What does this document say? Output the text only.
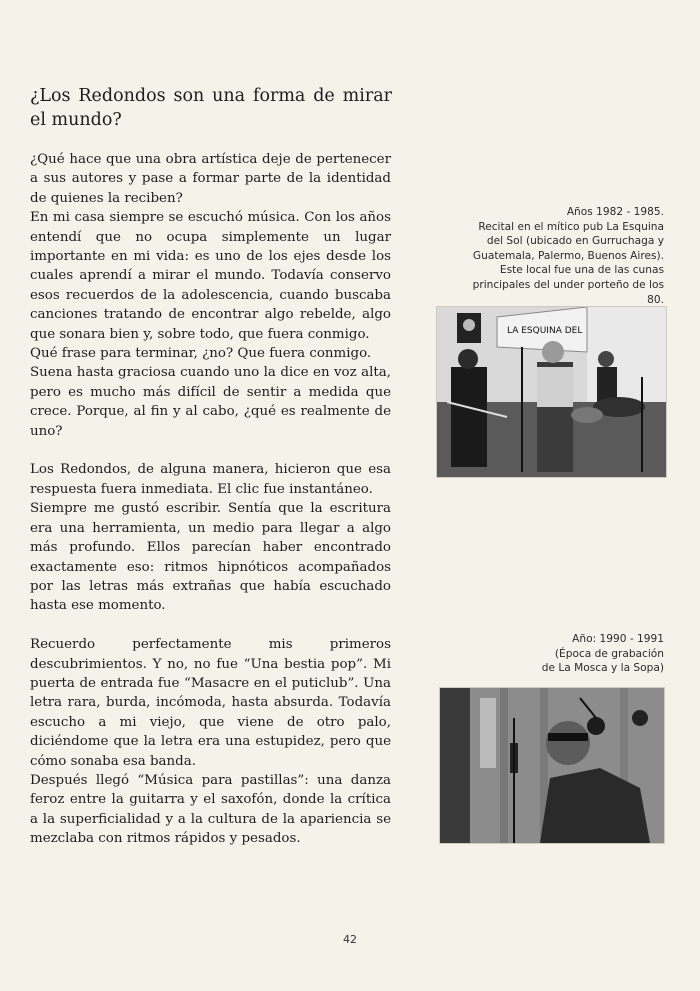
¿Los Redondos son una forma de mirar el mundo?

¿Qué hace que una obra artística deje de pertenecer a sus autores y pase a formar parte de la identidad de quienes la reciben?

En mi casa siempre se escuchó música. Con los años entendí que no ocupa simplemente un lugar importante en mi vida: es uno de los ejes desde los cuales aprendí a mirar el mundo. Todavía conservo esos recuerdos de la adolescencia, cuando buscaba canciones tratando de encontrar algo rebelde, algo que sonara bien y, sobre todo, que fuera conmigo.

Qué frase para terminar, ¿no? Que fuera conmigo.

Suena hasta graciosa cuando uno la dice en voz alta, pero es mucho más difícil de sentir a medida que crece. Porque, al fin y al cabo, ¿qué es realmente de uno?

Los Redondos, de alguna manera, hicieron que esa respuesta fuera inmediata. El clic fue instantáneo.

Siempre me gustó escribir. Sentía que la escritura era una herramienta, un medio para llegar a algo más profundo. Ellos parecían haber encontrado exactamente eso: ritmos hipnóticos acompañados por las letras más extrañas que había escuchado hasta ese momento.

Recuerdo perfectamente mis primeros descubrimientos. Y no, no fue “Una bestia pop”. Mi puerta de entrada fue “Masacre en el puticlub”. Una letra rara, burda, incómoda, hasta absurda. Todavía escucho a mi viejo, que viene de otro palo, diciéndome que la letra era una estupidez, pero que cómo sonaba esa banda.

Después llegó “Música para pastillas”: una danza feroz entre la guitarra y el saxofón, donde la crítica a la superficialidad y a la cultura de la apariencia se mezclaba con ritmos rápidos y pesados.

Años 1982 - 1985.
Recital en el mítico pub La Esquina del Sol (ubicado en Gurruchaga y Guatemala, Palermo, Buenos Aires). Este local fue una de las cunas principales del under porteño de los 80.
LA ESQUINA DEL
Año: 1990 - 1991
(Época de grabación
de La Mosca y la Sopa)
42
